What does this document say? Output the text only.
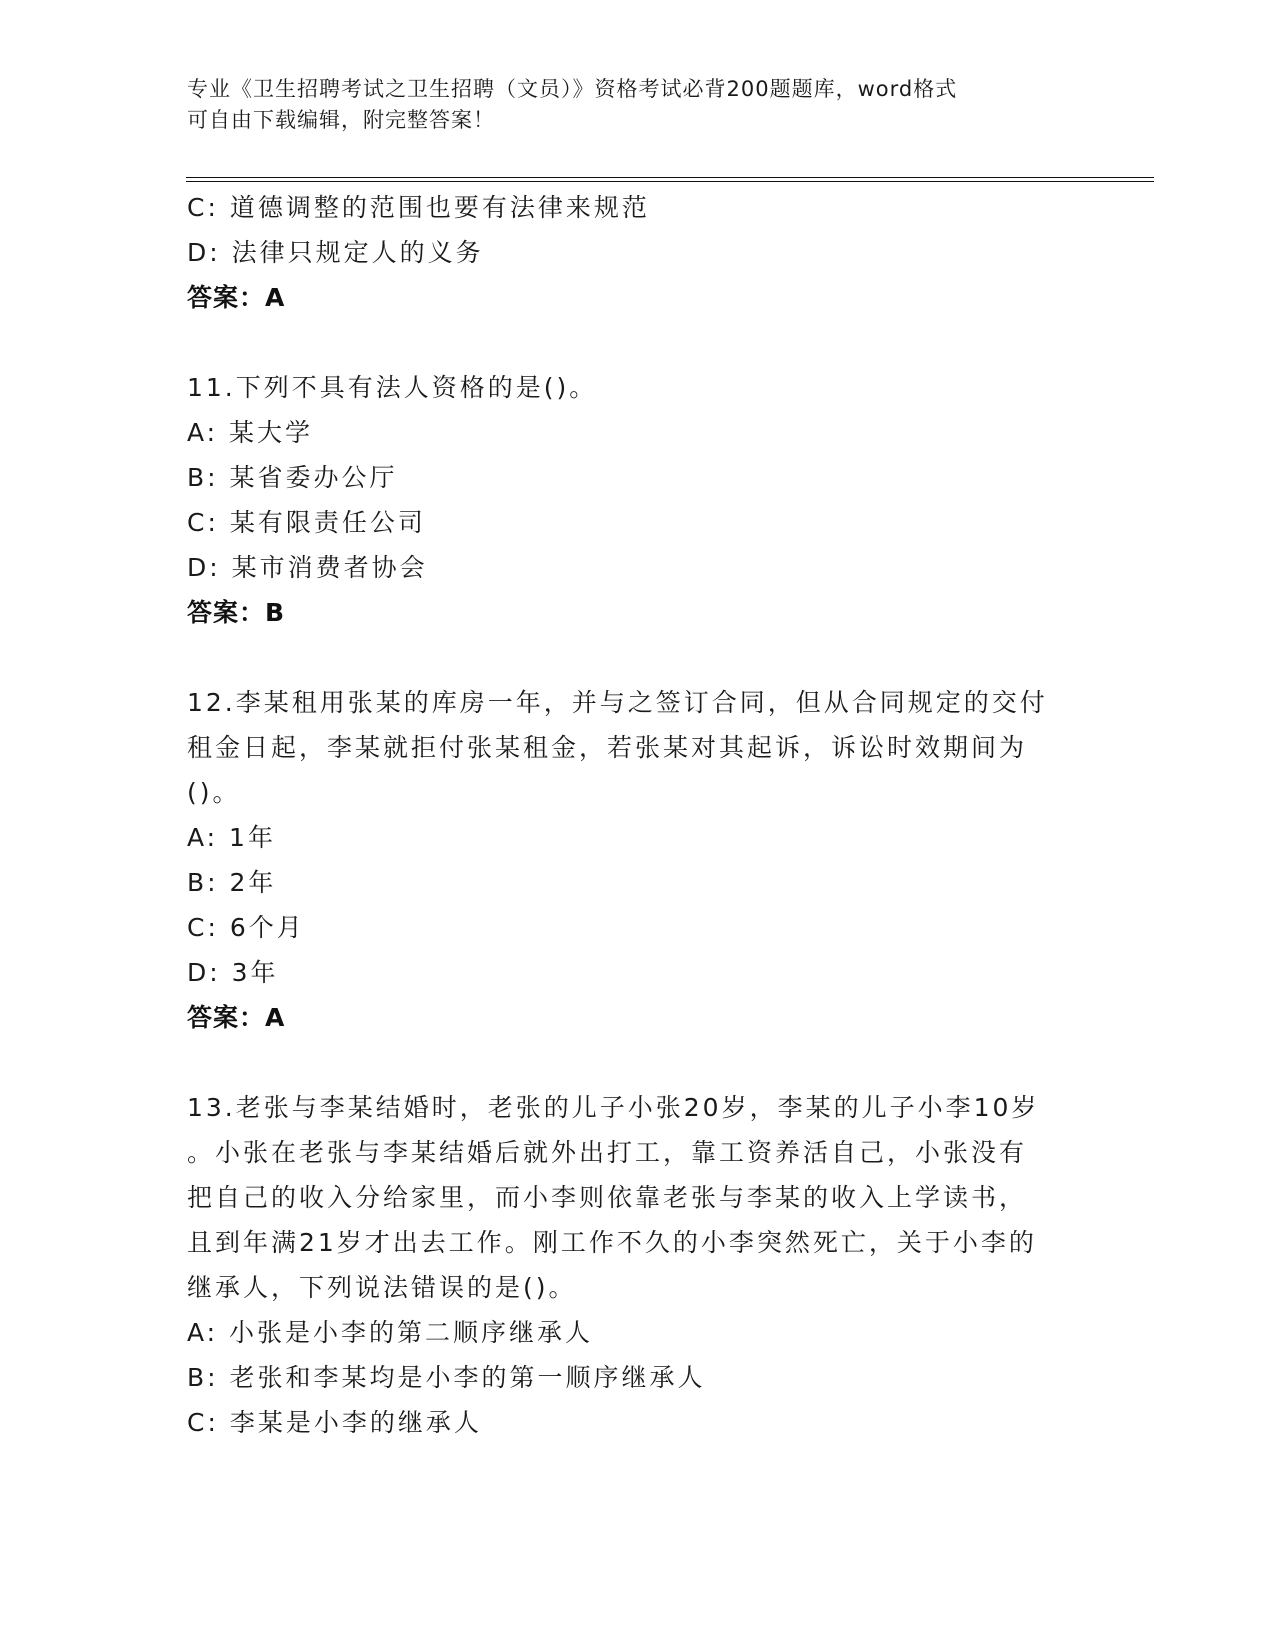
专业《卫生招聘考试之卫生招聘（文员）》资格考试必背200题题库，word格式
可自由下载编辑，附完整答案！
C: 道德调整的范围也要有法律来规范
D: 法律只规定人的义务
答案：A
11.下列不具有法人资格的是()。
A: 某大学
B: 某省委办公厅
C: 某有限责任公司
D: 某市消费者协会
答案：B
12.李某租用张某的库房一年，并与之签订合同，但从合同规定的交付
租金日起，李某就拒付张某租金，若张某对其起诉，诉讼时效期间为
()。
A: 1年
B: 2年
C: 6个月
D: 3年
答案：A
13.老张与李某结婚时，老张的儿子小张20岁，李某的儿子小李10岁
。小张在老张与李某结婚后就外出打工，靠工资养活自己，小张没有
把自己的收入分给家里，而小李则依靠老张与李某的收入上学读书，
且到年满21岁才出去工作。刚工作不久的小李突然死亡，关于小李的
继承人，下列说法错误的是()。
A: 小张是小李的第二顺序继承人
B: 老张和李某均是小李的第一顺序继承人
C: 李某是小李的继承人
